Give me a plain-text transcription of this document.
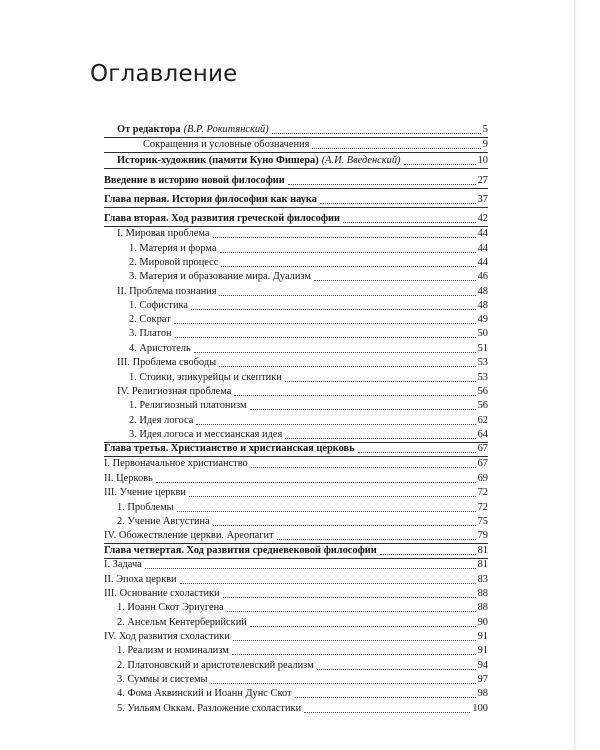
Оглавление
От редактора (В.Р. Рокитянский)	5
Сокращения и условные обозначения	9
Историк-художник (памяти Куно Фишера) (А.И. Введенский)	10
Введение в историю новой философии	27
Глава первая. История философии как наука	37
Глава вторая. Ход развития греческой философии	42
I. Мировая проблема	44
1. Материя и форма	44
2. Мировой процесс	44
3. Материя и образование мира. Дуализм	46
II. Проблема познания	48
1. Софистика	48
2. Сократ	49
3. Платон	50
4. Аристотель	51
III. Проблема свободы	53
1. Стоики, эпикурейцы и скептики	53
IV. Религиозная проблема	56
1. Религиозный платонизм	56
2. Идея логоса	62
3. Идея логоса и мессианская идея	64
Глава третья. Христианство и христианская церковь	67
I. Первоначальное христианство	67
II. Церковь	69
III. Учение церкви	72
1. Проблемы	72
2. Учение Августина	75
IV. Обожествление церкви. Ареопагит	79
Глава четвертая. Ход развития средневековой философии	81
I. Задача	81
II. Эпоха церкви	83
III. Основание схоластики	88
1. Иоанн Скот Эриугена	88
2. Ансельм Кентерберийский	90
IV. Ход развития схоластики	91
1. Реализм и номинализм	91
2. Платоновский и аристотелевский реализм	94
3. Суммы и системы	97
4. Фома Аквинский и Иоанн Дунс Скот	98
5. Уильям Оккам. Разложение схоластики	100
